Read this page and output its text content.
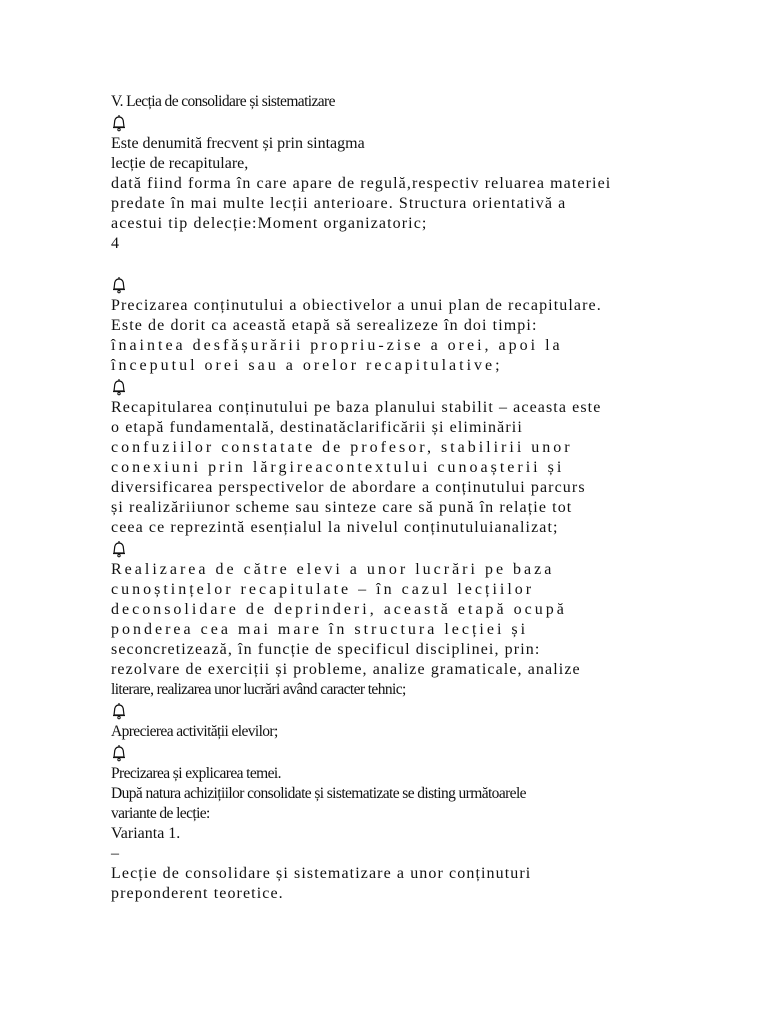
V. Lecția de consolidare și sistematizare
Este denumită frecvent și prin sintagma
lecție de recapitulare,
dată fiind forma în care apare de regulă,respectiv reluarea materiei
predate în mai multe lecții anterioare. Structura orientativă a
acestui tip delecție:Moment organizatoric;
4
Precizarea conținutului a obiectivelor a unui plan de recapitulare.
Este de dorit ca această etapă să serealizeze în doi timpi:
înaintea desfășurării propriu-zise a orei, apoi la
începutul orei sau a orelor recapitulative;
Recapitularea conținutului pe baza planului stabilit – aceasta este
o etapă fundamentală, destinatăclarificării și eliminării
confuziilor constatate de profesor, stabilirii unor
conexiuni prin lărgireacontextului cunoașterii și
diversificarea perspectivelor de abordare a conținutului parcurs
și realizăriiunor scheme sau sinteze care să pună în relație tot
ceea ce reprezintă esențialul la nivelul conținutuluianalizat;
Realizarea de către elevi a unor lucrări pe baza
cunoștințelor recapitulate – în cazul lecțiilor
deconsolidare de deprinderi, această etapă ocupă
ponderea cea mai mare în structura lecției și
seconcretizează, în funcție de specificul disciplinei, prin:
rezolvare de exerciții și probleme, analize gramaticale, analize
literare, realizarea unor lucrări având caracter tehnic;
Aprecierea activității elevilor;
Precizarea și explicarea temei.
După natura achizițiilor consolidate și sistematizate se disting următoarele
variante de lecție:
Varianta 1.
–
Lecție de consolidare și sistematizare a unor conținuturi
preponderent teoretice.
